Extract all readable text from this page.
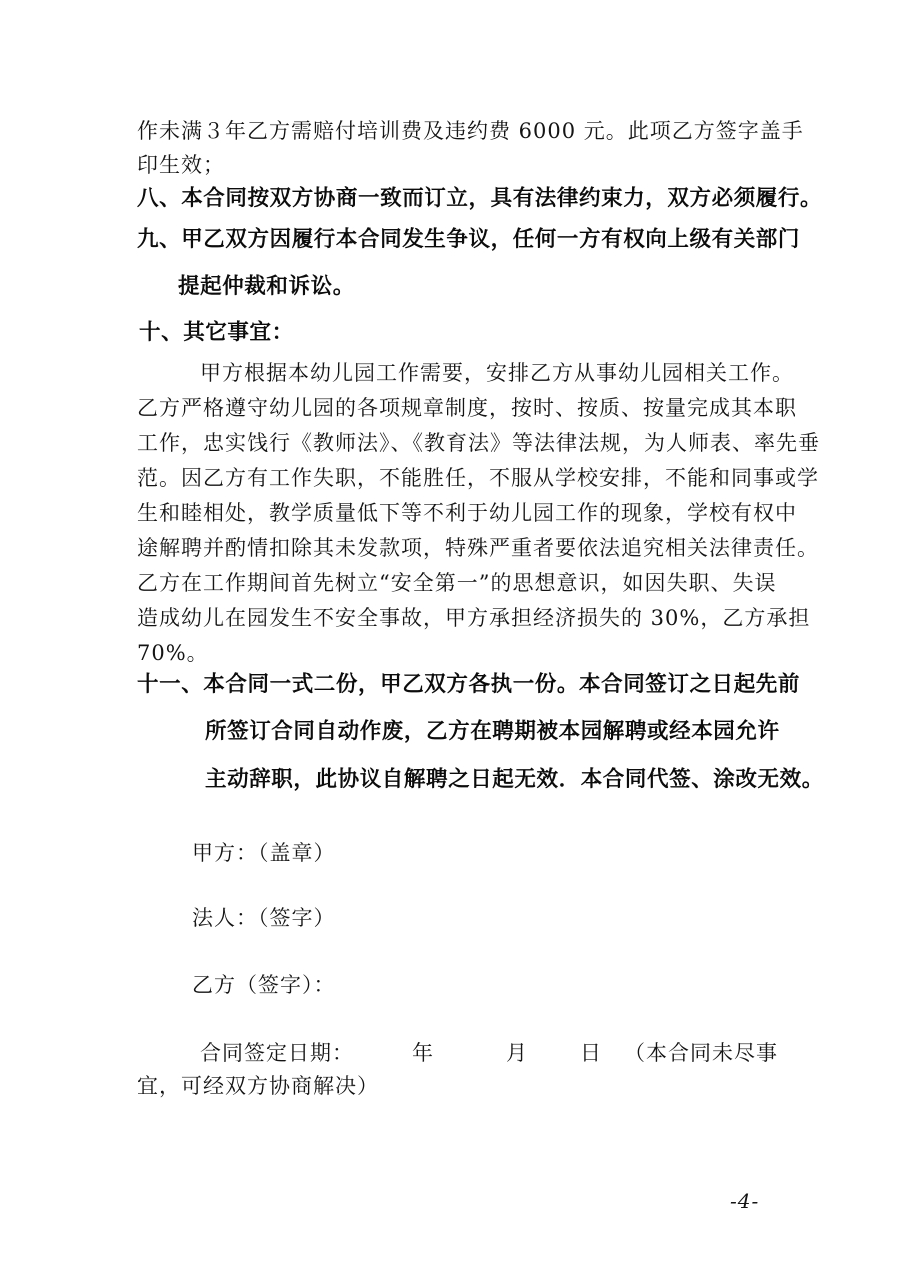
作未满３年乙方需赔付培训费及违约费 6000 元。此项乙方签字盖手

印生效；

八、本合同按双方协商一致而订立，具有法律约束力，双方必须履行。

九、甲乙双方因履行本合同发生争议，任何一方有权向上级有关部门

提起仲裁和诉讼。

十、其它事宜：

甲方根据本幼儿园工作需要，安排乙方从事幼儿园相关工作。

乙方严格遵守幼儿园的各项规章制度，按时、按质、按量完成其本职

工作，忠实饯行《教师法》、《教育法》等法律法规，为人师表、率先垂

范。因乙方有工作失职，不能胜任，不服从学校安排，不能和同事或学

生和睦相处，教学质量低下等不利于幼儿园工作的现象，学校有权中

途解聘并酌情扣除其未发款项，特殊严重者要依法追究相关法律责任。

乙方在工作期间首先树立“安全第一”的思想意识，如因失职、失误

造成幼儿在园发生不安全事故，甲方承担经济损失的 30%，乙方承担

70%。

十一、本合同一式二份，甲乙双方各执一份。本合同签订之日起先前

所签订合同自动作废，乙方在聘期被本园解聘或经本园允许

主动辞职，此协议自解聘之日起无效．本合同代签、涂改无效。

甲方：（盖章）

法人：（签字）

乙方（签字）：

合同签定日期：	年	月 日 （本合同未尽事

宜，可经双方协商解决）

-4-
